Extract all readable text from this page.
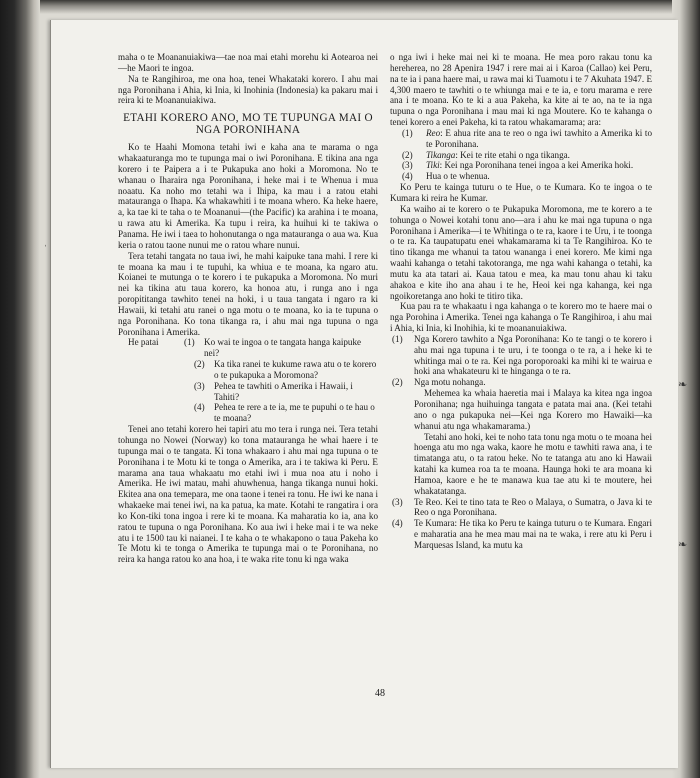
❧
❧
ˈ

maha o te Moananuiakiwa—tae noa mai etahi morehu ki Aotearoa nei—he Maori te ingoa.

Na te Rangihiroa, me ona hoa, tenei Whakataki korero. I ahu mai nga Poronihana i Ahia, ki Inia, ki Inohinia (Indonesia) ka pakaru mai i reira ki te Moananuiakiwa.

ETAHI KORERO ANO, MO TE TUPUNGA MAI O NGA PORONIHANA

Ko te Haahi Momona tetahi iwi e kaha ana te marama o nga whakaaturanga mo te tupunga mai o iwi Poronihana. E tikina ana nga korero i te Paipera a i te Pukapuka ano hoki a Moromona. No te whanau o Iharaira nga Poronihana, i heke mai i te Whenua i mua noaatu. Ka noho mo tetahi wa i Ihipa, ka mau i a ratou etahi matauranga o Ihapa. Ka whakawhiti i te moana whero. Ka heke haere, a, ka tae ki te taha o te Moananui—(the Pacific) ka arahina i te moana, u rawa atu ki Amerika. Ka tupu i reira, ka huihui ki te takiwa o Panama. He iwi i taea to hohonutanga o nga matauranga o aua wa. Kua keria o ratou taone nunui me o ratou whare nunui.

Tera tetahi tangata no taua iwi, he mahi kaipuke tana mahi. I rere ki te moana ka mau i te tupuhi, ka whiua e te moana, ka ngaro atu. Koianei te mutunga o te korero i te pukapuka a Moromona. No muri nei ka tikina atu taua korero, ka honoa atu, i runga ano i nga poropititanga tawhito tenei na hoki, i u taua tangata i ngaro ra ki Hawaii, ki tetahi atu ranei o nga motu o te moana, ko ia te tupuna o nga Poronihana. Ko tona tikanga ra, i ahu mai nga tupuna o nga Poronihana i Amerika.

He patai	(1)	Ko wai te ingoa o te tangata hanga kaipuke nei?
(2)	Ka tika ranei te kukume rawa atu o te korero o te pukapuka a Moromona?
(3)	Pehea te tawhiti o Amerika i Hawaii, i Tahiti?
(4)	Pehea te rere a te ia, me te pupuhi o te hau o te moana?

Tenei ano tetahi korero hei tapiri atu mo tera i runga nei. Tera tetahi tohunga no Nowei (Norway) ko tona matauranga he whai haere i te tupunga mai o te tangata. Ki tona whakaaro i ahu mai nga tupuna o te Poronihana i te Motu ki te tonga o Amerika, ara i te takiwa ki Peru. E marama ana taua whakaatu mo etahi iwi i mua noa atu i noho i Amerika. He iwi matau, mahi ahuwhenua, hanga tikanga nunui hoki. Ekitea ana ona temepara, me ona taone i tenei ra tonu. He iwi ke nana i whakaeke mai tenei iwi, na ka patua, ka mate. Kotahi te rangatira i ora ko Kon-tiki tona ingoa i rere ki te moana. Ka maharatia ko ia, ana ko ratou te tupuna o nga Poronihana. Ko aua iwi i heke mai i te wa neke atu i te 1500 tau ki naianei. I te kaha o te whakapono o taua Pakeha ko Te Motu ki te tonga o Amerika te tupunga mai o te Poronihana, no reira ka hanga ratou ko ana hoa, i te waka rite tonu ki nga waka

o nga iwi i heke mai nei ki te moana. He mea poro rakau tonu ka hereherea, no 28 Apenira 1947 i rere mai ai i Karoa (Callao) kei Peru, na te ia i pana haere mai, u rawa mai ki Tuamotu i te 7 Akuhata 1947. E 4,300 maero te tawhiti o te whiunga mai e te ia, e toru marama e rere ana i te moana. Ko te ki a aua Pakeha, ka kite ai te ao, na te ia nga tupuna o nga Poronihana i mau mai ki nga Moutere. Ko te kahanga o tenei korero a enei Pakeha, ki ta ratou whakamarama; ara:

(1)	Reo: E ahua rite ana te reo o nga iwi tawhito a Amerika ki to te Poronihana.
(2)	Tikanga: Kei te rite etahi o nga tikanga.
(3)	Tiki: Kei nga Poronihana tenei ingoa a kei Amerika hoki.
(4)	Hua o te whenua.

Ko Peru te kainga tuturu o te Hue, o te Kumara. Ko te ingoa o te Kumara ki reira he Kumar.

Ka waiho ai te korero o te Pukapuka Moromona, me te korero a te tohunga o Nowei kotahi tonu ano—ara i ahu ke mai nga tupuna o nga Poronihana i Amerika—i te Whitinga o te ra, kaore i te Uru, i te toonga o te ra. Ka taupatupatu enei whakamarama ki ta Te Rangihiroa. Ko te tino tikanga me whanui ta tatou wananga i enei korero. Me kimi nga waahi kahanga o tetahi takotoranga, me nga wahi kahanga o tetahi, ka mutu ka ata tatari ai. Kaua tatou e mea, ka mau tonu ahau ki taku ahakoa e kite iho ana ahau i te he, Heoi kei nga kahanga, kei nga ngoikoretanga ano hoki te titiro tika.

Kua pau ra te whakaatu i nga kahanga o te korero mo te haere mai o nga Porohina i Amerika. Tenei nga kahanga o Te Rangihiroa, i ahu mai i Ahia, ki Inia, ki Inohihia, ki te moananuiakiwa.

(1)	Nga Korero tawhito a Nga Poronihana: Ko te tangi o te korero i ahu mai nga tupuna i te uru, i te toonga o te ra, a i heke ki te whitinga mai o te ra. Kei nga poroporoaki ka mihi ki te wairua e hoki ana whakateuru ki te hinganga o te ra.
(2)	Nga motu nohanga.

Mehemea ka whaia haeretia mai i Malaya ka kitea nga ingoa Poronihana; nga huihuinga tangata e patata mai ana. (Kei tetahi ano o nga pukapuka nei—Kei nga Korero mo Hawaiki—ka whanui atu nga whakamarama.)

Tetahi ano hoki, kei te noho tata tonu nga motu o te moana hei hoenga atu mo nga waka, kaore he motu e tawhiti rawa ana, i te timatanga atu, o ta ratou heke. No te tatanga atu ano ki Hawaii katahi ka kumea roa ta te moana. Haunga hoki te ara moana ki Hamoa, kaore e he te manawa kua tae atu ki te moutere, hei whakatatanga.

(3)	Te Reo. Kei te tino tata te Reo o Malaya, o Sumatra, o Java ki te Reo o nga Poronihana.
(4)	Te Kumara: He tika ko Peru te kainga tuturu o te Kumara. Engari e maharatia ana he mea mau mai na te waka, i rere atu ki Peru i Marquesas Island, ka mutu ka
48
